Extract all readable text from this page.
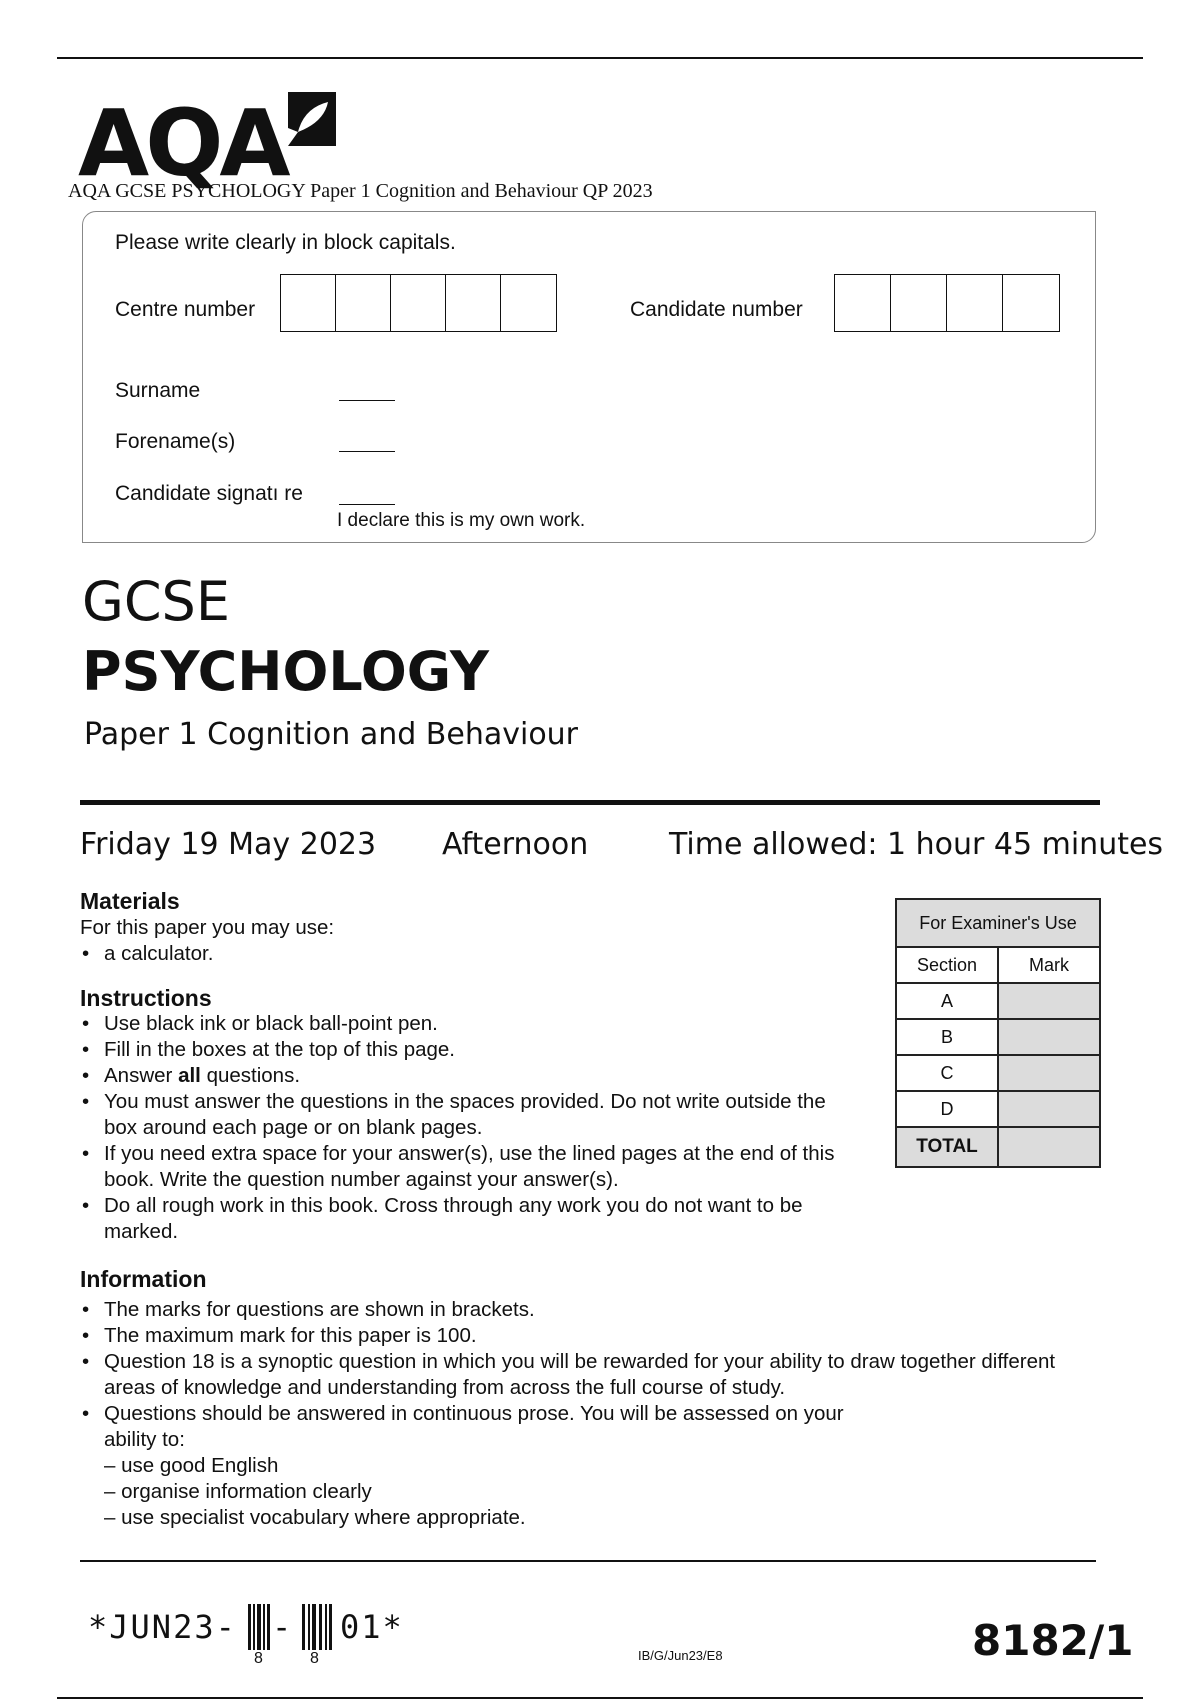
AQA
AQA GCSE PSYCHOLOGY Paper 1 Cognition and Behaviour QP 2023
Please write clearly in block capitals.
Centre number	Candidate number
Surname
Forename(s)
Candidate signatı re
I declare this is my own work.
GCSE
PSYCHOLOGY
Paper 1 Cognition and Behaviour
Friday 19 May 2023 Afternoon	Time allowed: 1 hour 45 minutes
Materials
For this paper you may use:
• a calculator.
Instructions
• Use black ink or black ball-point pen.
• Fill in the boxes at the top of this page.
• Answer all questions.
• You must answer the questions in the spaces provided. Do not write outside the box around each page or on blank pages.
• If you need extra space for your answer(s), use the lined pages at the end of this book. Write the question number against your answer(s).
• Do all rough work in this book. Cross through any work you do not want to be marked.
Information
• The marks for questions are shown in brackets.
• The maximum mark for this paper is 100.
• Question 18 is a synoptic question in which you will be rewarded for your ability to draw together different areas of knowledge and understanding from across the full course of study.
• Questions should be answered in continuous prose. You will be assessed on your ability to:
– use good English
– organise information clearly
– use specialist vocabulary where appropriate.
For Examiner's Use	
Section	Mark
A	
B	
C	
D	
TOTAL	
*JUN23- - 01*
8	8	IB/G/Jun23/E8	8182/1
